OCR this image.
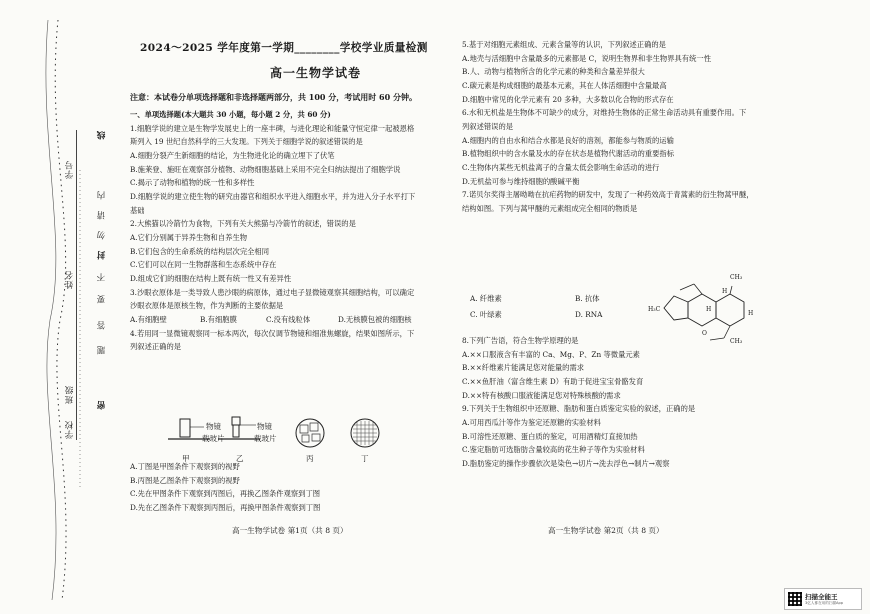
学号
姓名
班级
学校
线
内
请
勿
封
不
要
答
题
密
2024～2025 学年度第一学期________学校学业质量检测
高一生物学试卷
注意：本试卷分单项选择题和非选择题两部分，共 100 分，考试用时 60 分钟。

一、单项选择题(本大题共 30 小题，每小题 2 分，共 60 分)

1.细胞学说的建立是生物学发展史上的一座丰碑，与进化理论和能量守恒定律一起被恩格

斯列入 19 世纪自然科学的三大发现。下列关于细胞学说的叙述错误的是

A.细胞分裂产生新细胞的结论，为生物进化论的确立埋下了伏笔

B.施莱登、施旺在观察部分植物、动物细胞基础上采用不完全归纳法提出了细胞学说

C.揭示了动物和植物的统一性和多样性

D.细胞学说的建立使生物的研究由器官和组织水平进入细胞水平，并为进入分子水平打下

基础

2.大熊猫以冷箭竹为食物，下列有关大熊猫与冷箭竹的叙述，错误的是

A.它们分别属于异养生物和自养生物

B.它们包含的生命系统的结构层次完全相同

C.它们可以在同一生物群落和生态系统中存在

D.组成它们的细胞在结构上既有统一性又有差异性

3.沙眼衣原体是一类导致人患沙眼的病原体，通过电子显微镜观察其细胞结构，可以确定

沙眼衣原体是原核生物，作为判断的主要依据是

A.有细胞壁	B.有细胞膜	C.没有线粒体	D.无核膜包被的细胞核

4.若用同一显微镜观察同一标本两次，每次仅调节物镜和细准焦螺旋，结果如图所示，下

列叙述正确的是

物镜
载玻片
物镜
载玻片
甲	乙	丙	丁

A.丁图是甲图条件下观察到的视野

B.丙图是乙图条件下观察到的视野

C.先在甲图条件下观察到丙图后，再换乙图条件观察到丁图

D.先在乙图条件下观察到丙图后，再换甲图条件观察到丁图

高一生物学试卷 第1页（共 8 页）

5.基于对细胞元素组成、元素含量等的认识，下列叙述正确的是

A.地壳与活细胞中含量最多的元素都是 C，说明生物界和非生物界具有统一性

B.人、动物与植物所含的化学元素的种类和含量差异很大

C.碳元素是构成细胞的最基本元素，其在人体活细胞中含量最高

D.细胞中常见的化学元素有 20 多种，大多数以化合物的形式存在

6.水和无机盐是生物体不可缺少的成分，对维持生物体的正常生命活动具有重要作用。下

列叙述错误的是

A.细胞内的自由水和结合水都是良好的溶剂，都能参与物质的运输

B.植物组织中的含水量及水的存在状态是植物代谢活动的重要指标

C.生物体内某些无机盐离子的含量太低会影响生命活动的进行

D.无机盐可参与维持细胞的酸碱平衡

7.诺贝尔奖得主屠呦呦在抗疟药物的研发中，发现了一种药效高于青蒿素的衍生物蒿甲醚，

结构如图。下列与蒿甲醚的元素组成完全相同的物质是

A. 纤维素	B. 抗体

C. 叶绿素	D. RNA

CH₃
H
H₃C	H
H
O
CH₃

8.下列广告语，符合生物学原理的是

A.××口服液含有丰富的 Ca、Mg、P、Zn 等微量元素

B.××纤维素片能满足您对能量的需求

C.××鱼肝油（富含维生素 D）有助于促进宝宝骨骼发育

D.××特有核酸口服液能满足您对特殊核酸的需求

9.下列关于生物组织中还原糖、脂肪和蛋白质鉴定实验的叙述，正确的是

A.可用西瓜汁等作为鉴定还原糖的实验材料

B.可溶性还原糖、蛋白质的鉴定，可用酒精灯直接加热

C.鉴定脂肪可选脂肪含量较高的花生种子等作为实验材料

D.脂肪鉴定的操作步骤依次是染色→切片→洗去浮色→制片→观察

高一生物学试卷 第2页（共 8 页）
扫描全能王
3亿人都在用的扫描App
